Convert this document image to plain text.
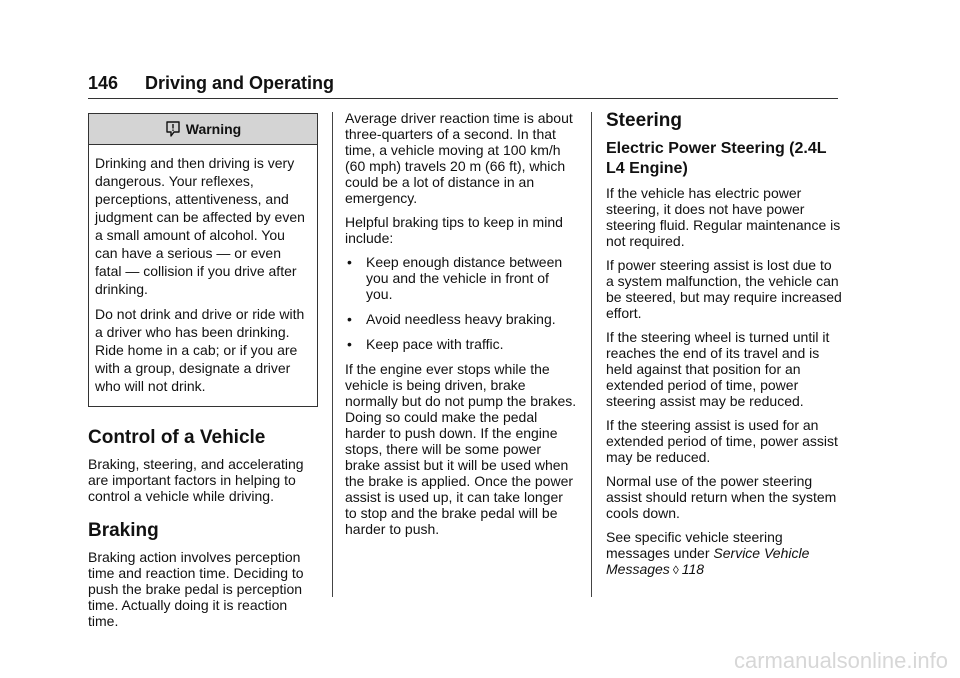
146 Driving and Operating
Warning

Drinking and then driving is very dangerous. Your reflexes, perceptions, attentiveness, and judgment can be affected by even a small amount of alcohol. You can have a serious — or even fatal — collision if you drive after drinking.

Do not drink and drive or ride with a driver who has been drinking. Ride home in a cab; or if you are with a group, designate a driver who will not drink.

Control of a Vehicle

Braking, steering, and accelerating are important factors in helping to control a vehicle while driving.

Braking

Braking action involves perception time and reaction time. Deciding to push the brake pedal is perception time. Actually doing it is reaction time.

Average driver reaction time is about three-quarters of a second. In that time, a vehicle moving at 100 km/h (60 mph) travels 20 m (66 ft), which could be a lot of distance in an emergency.

Helpful braking tips to keep in mind include:

• Keep enough distance between you and the vehicle in front of you.
• Avoid needless heavy braking.
• Keep pace with traffic.

If the engine ever stops while the vehicle is being driven, brake normally but do not pump the brakes. Doing so could make the pedal harder to push down. If the engine stops, there will be some power brake assist but it will be used when the brake is applied. Once the power assist is used up, it can take longer to stop and the brake pedal will be harder to push.

Steering
Electric Power Steering (2.4L L4 Engine)

If the vehicle has electric power steering, it does not have power steering fluid. Regular maintenance is not required.

If power steering assist is lost due to a system malfunction, the vehicle can be steered, but may require increased effort.

If the steering wheel is turned until it reaches the end of its travel and is held against that position for an extended period of time, power steering assist may be reduced.

If the steering assist is used for an extended period of time, power assist may be reduced.

Normal use of the power steering assist should return when the system cools down.

See specific vehicle steering messages under Service Vehicle Messages ◊ 118

carmanualsonline.info
